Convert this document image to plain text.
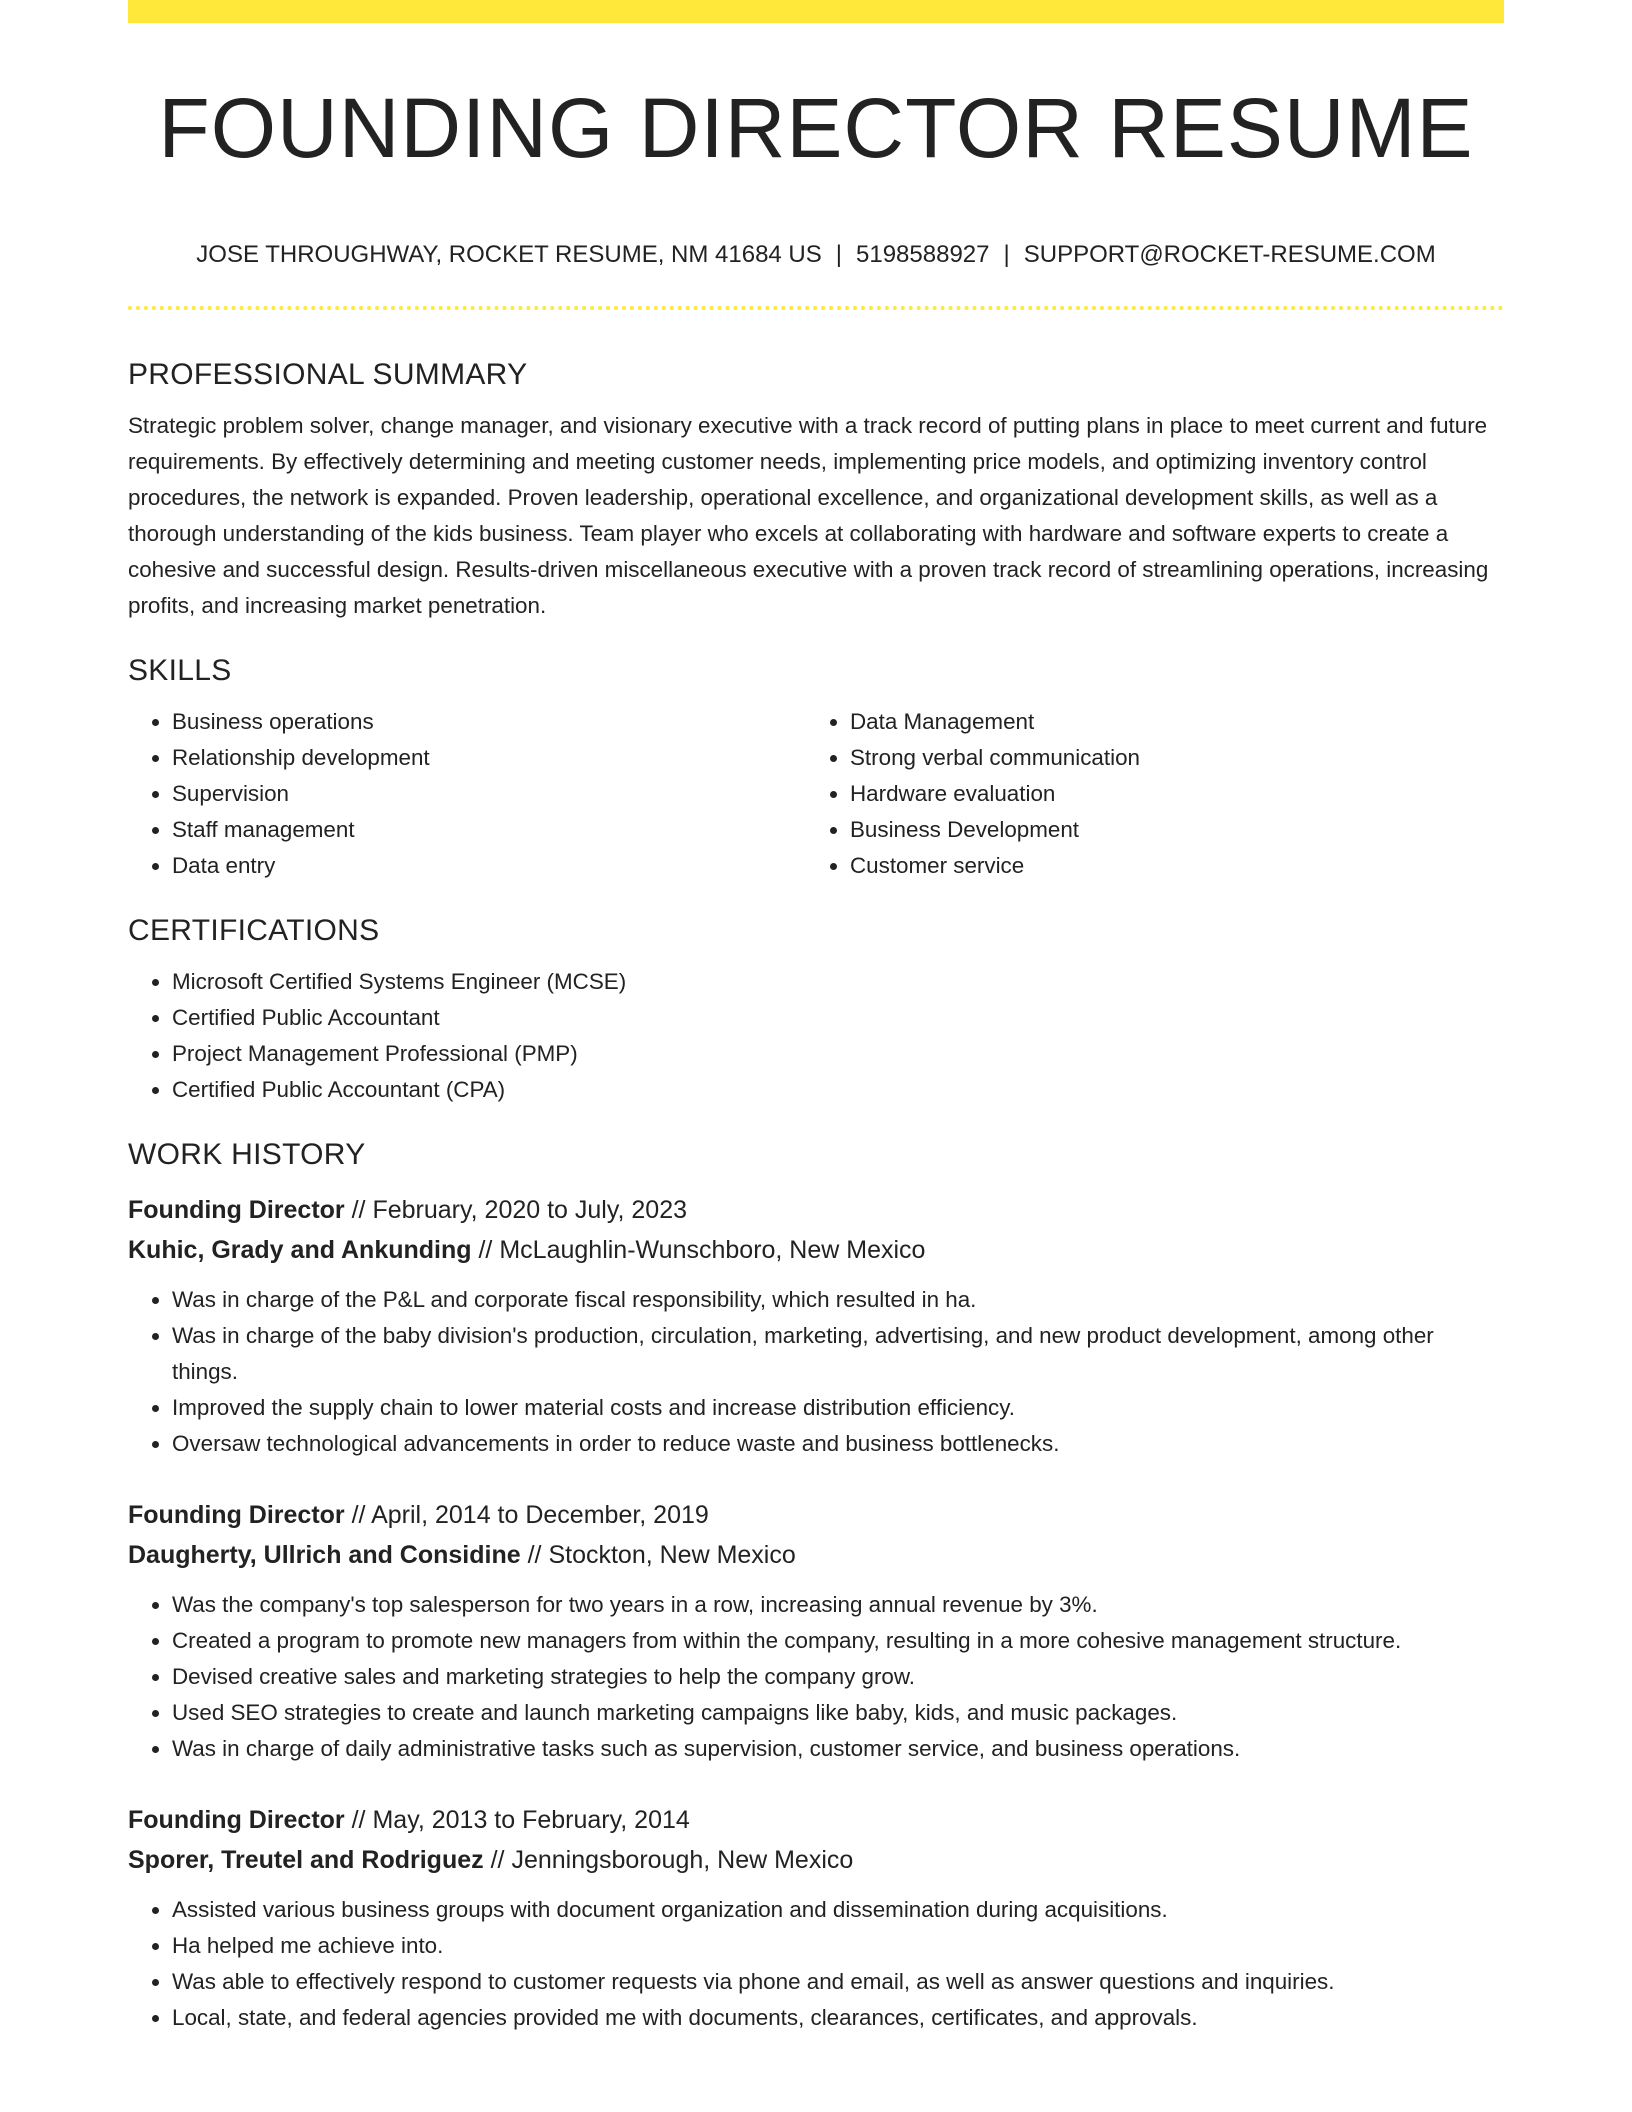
FOUNDING DIRECTOR RESUME
JOSE THROUGHWAY, ROCKET RESUME, NM 41684 US | 5198588927 | SUPPORT@ROCKET-RESUME.COM
PROFESSIONAL SUMMARY

Strategic problem solver, change manager, and visionary executive with a track record of putting plans in place to meet current and future requirements. By effectively determining and meeting customer needs, implementing price models, and optimizing inventory control procedures, the network is expanded. Proven leadership, operational excellence, and organizational development skills, as well as a thorough understanding of the kids business. Team player who excels at collaborating with hardware and software experts to create a cohesive and successful design. Results-driven miscellaneous executive with a proven track record of streamlining operations, increasing profits, and increasing market penetration.

SKILLS
• Business operations
• Relationship development
• Supervision
• Staff management
• Data entry
• Data Management
• Strong verbal communication
• Hardware evaluation
• Business Development
• Customer service
CERTIFICATIONS
• Microsoft Certified Systems Engineer (MCSE)
• Certified Public Accountant
• Project Management Professional (PMP)
• Certified Public Accountant (CPA)
WORK HISTORY
Founding Director // February, 2020 to July, 2023
Kuhic, Grady and Ankunding // McLaughlin-Wunschboro, New Mexico
• Was in charge of the P&L and corporate fiscal responsibility, which resulted in ha.
• Was in charge of the baby division's production, circulation, marketing, advertising, and new product development, among other things.
• Improved the supply chain to lower material costs and increase distribution efficiency.
• Oversaw technological advancements in order to reduce waste and business bottlenecks.
Founding Director // April, 2014 to December, 2019
Daugherty, Ullrich and Considine // Stockton, New Mexico
• Was the company's top salesperson for two years in a row, increasing annual revenue by 3%.
• Created a program to promote new managers from within the company, resulting in a more cohesive management structure.
• Devised creative sales and marketing strategies to help the company grow.
• Used SEO strategies to create and launch marketing campaigns like baby, kids, and music packages.
• Was in charge of daily administrative tasks such as supervision, customer service, and business operations.
Founding Director // May, 2013 to February, 2014
Sporer, Treutel and Rodriguez // Jenningsborough, New Mexico
• Assisted various business groups with document organization and dissemination during acquisitions.
• Ha helped me achieve into.
• Was able to effectively respond to customer requests via phone and email, as well as answer questions and inquiries.
• Local, state, and federal agencies provided me with documents, clearances, certificates, and approvals.
